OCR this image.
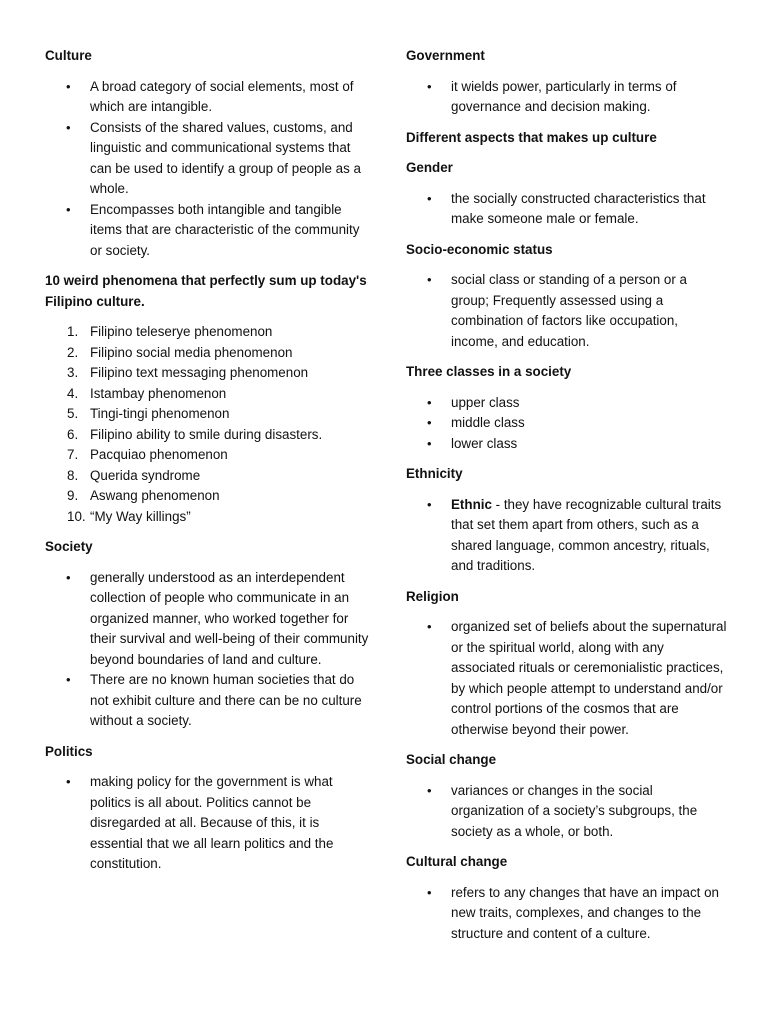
Culture
• A broad category of social elements, most of which are intangible.
• Consists of the shared values, customs, and linguistic and communicational systems that can be used to identify a group of people as a whole.
• Encompasses both intangible and tangible items that are characteristic of the community or society.
10 weird phenomena that perfectly sum up today's Filipino culture.
1. Filipino teleserye phenomenon
2. Filipino social media phenomenon
3. Filipino text messaging phenomenon
4. Istambay phenomenon
5. Tingi-tingi phenomenon
6. Filipino ability to smile during disasters.
7. Pacquiao phenomenon
8. Querida syndrome
9. Aswang phenomenon
10. “My Way killings”
Society
• generally understood as an interdependent collection of people who communicate in an organized manner, who worked together for their survival and well-being of their community beyond boundaries of land and culture.
• There are no known human societies that do not exhibit culture and there can be no culture without a society.
Politics
• making policy for the government is what politics is all about. Politics cannot be disregarded at all. Because of this, it is essential that we all learn politics and the constitution.
Government
• it wields power, particularly in terms of governance and decision making.
Different aspects that makes up culture
Gender
• the socially constructed characteristics that make someone male or female.
Socio-economic status
• social class or standing of a person or a group; Frequently assessed using a combination of factors like occupation, income, and education.
Three classes in a society
• upper class
• middle class
• lower class
Ethnicity
• Ethnic - they have recognizable cultural traits that set them apart from others, such as a shared language, common ancestry, rituals, and traditions.
Religion
• organized set of beliefs about the supernatural or the spiritual world, along with any associated rituals or ceremonialistic practices, by which people attempt to understand and/or control portions of the cosmos that are otherwise beyond their power.
Social change
• variances or changes in the social organization of a society’s subgroups, the society as a whole, or both.
Cultural change
• refers to any changes that have an impact on new traits, complexes, and changes to the structure and content of a culture.
